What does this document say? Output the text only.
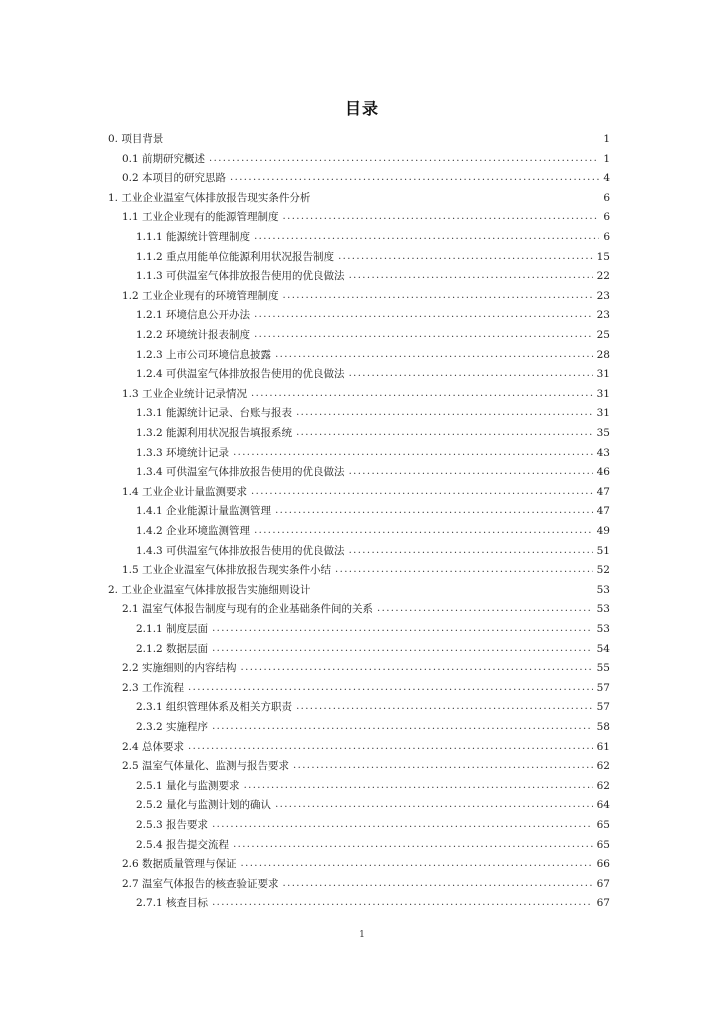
目录
0. 项目背景	1
0.1 前期研究概述 .....	1
0.2 本项目的研究思路 .....	4
1. 工业企业温室气体排放报告现实条件分析	6
1.1 工业企业现有的能源管理制度 .....	6
1.1.1 能源统计管理制度 .....	6
1.1.2 重点用能单位能源利用状况报告制度 .....	15
1.1.3 可供温室气体排放报告使用的优良做法 .....	22
1.2 工业企业现有的环境管理制度 .....	23
1.2.1 环境信息公开办法 .....	23
1.2.2 环境统计报表制度 .....	25
1.2.3 上市公司环境信息披露 .....	28
1.2.4 可供温室气体排放报告使用的优良做法 .....	31
1.3 工业企业统计记录情况 .....	31
1.3.1 能源统计记录、台账与报表 .....	31
1.3.2 能源利用状况报告填报系统 .....	35
1.3.3 环境统计记录 .....	43
1.3.4 可供温室气体排放报告使用的优良做法 .....	46
1.4 工业企业计量监测要求 .....	47
1.4.1 企业能源计量监测管理 .....	47
1.4.2 企业环境监测管理 .....	49
1.4.3 可供温室气体排放报告使用的优良做法 .....	51
1.5 工业企业温室气体排放报告现实条件小结 .....	52
2. 工业企业温室气体排放报告实施细则设计	53
2.1 温室气体报告制度与现有的企业基础条件间的关系 .....	53
2.1.1 制度层面 .....	53
2.1.2 数据层面 .....	54
2.2 实施细则的内容结构 .....	55
2.3 工作流程 .....	57
2.3.1 组织管理体系及相关方职责 .....	57
2.3.2 实施程序 .....	58
2.4 总体要求 .....	61
2.5 温室气体量化、监测与报告要求 .....	62
2.5.1 量化与监测要求 .....	62
2.5.2 量化与监测计划的确认 .....	64
2.5.3 报告要求 .....	65
2.5.4 报告提交流程 .....	65
2.6 数据质量管理与保证 .....	66
2.7 温室气体报告的核查验证要求 .....	67
2.7.1 核查目标 .....	67
1
